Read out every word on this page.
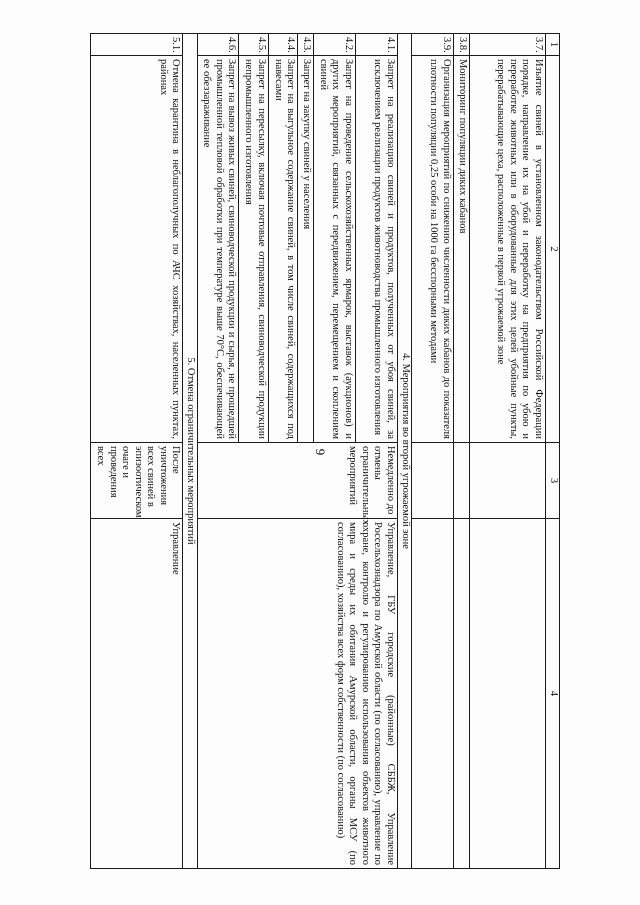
9
1	2	3	4
3.7.	Изъятие свиней в установленном законодательством Российской Федерации порядке, направление их на убой и переработку на предприятия по убою и переработке животных или в оборудованные для этих целей убойные пункты, перерабатывающие цеха, расположенные в первой угрожаемой зоне		
3.8.	Мониторинг популяции диких кабанов		
3.9.	Организация мероприятий по снижению численности диких кабанов до показателя плотности популяции 0,25 особи на 1000 га бесспорными методами		
4. Мероприятия во второй угрожаемой зоне			
4.1.	Запрет на реализацию свиней и продуктов, полученных от убоя свиней, за исключением реализации продуктов животноводства промышленного изготовления	Немедленно до отмены ограничительных мероприятий	Управление, ГБУ городские (районные) СББЖ, Управление Россельхознадзора по Амурской области (по согласованию), управление по охране, контролю и регулированию использования объектов животного мира и среды их обитания Амурской области, органы МСУ (по согласованию), хозяйства всех форм собственности (по согласованию)
4.2.	Запрет на проведение сельскохозяйственных ярмарок, выставок (аукционов) и других мероприятий, связанных с передвижением, перемещением и скоплением свиней		
4.3.	Запрет на закупку свиней у населения		
4.4.	Запрет на выгульное содержание свиней, в том числе свиней, содержащихся под навесами		
4.5.	Запрет на пересылку, включая почтовые отправления, свиноводческой продукции непромышленного изготовления		
4.6.	Запрет на вывоз живых свиней, свиноводческой продукции и сырья, не прошедшей промышленной тепловой обработки при температуре выше 70°С, обеспечивающей ее обеззараживание		
5. Отмена ограничительных мероприятий			
5.1.	Отмена карантина в неблагополучных по АЧС хозяйствах, населенных пунктах, районах	После уничтожения всех свиней в эпизоотическом очаге и проведения всех	Управление
